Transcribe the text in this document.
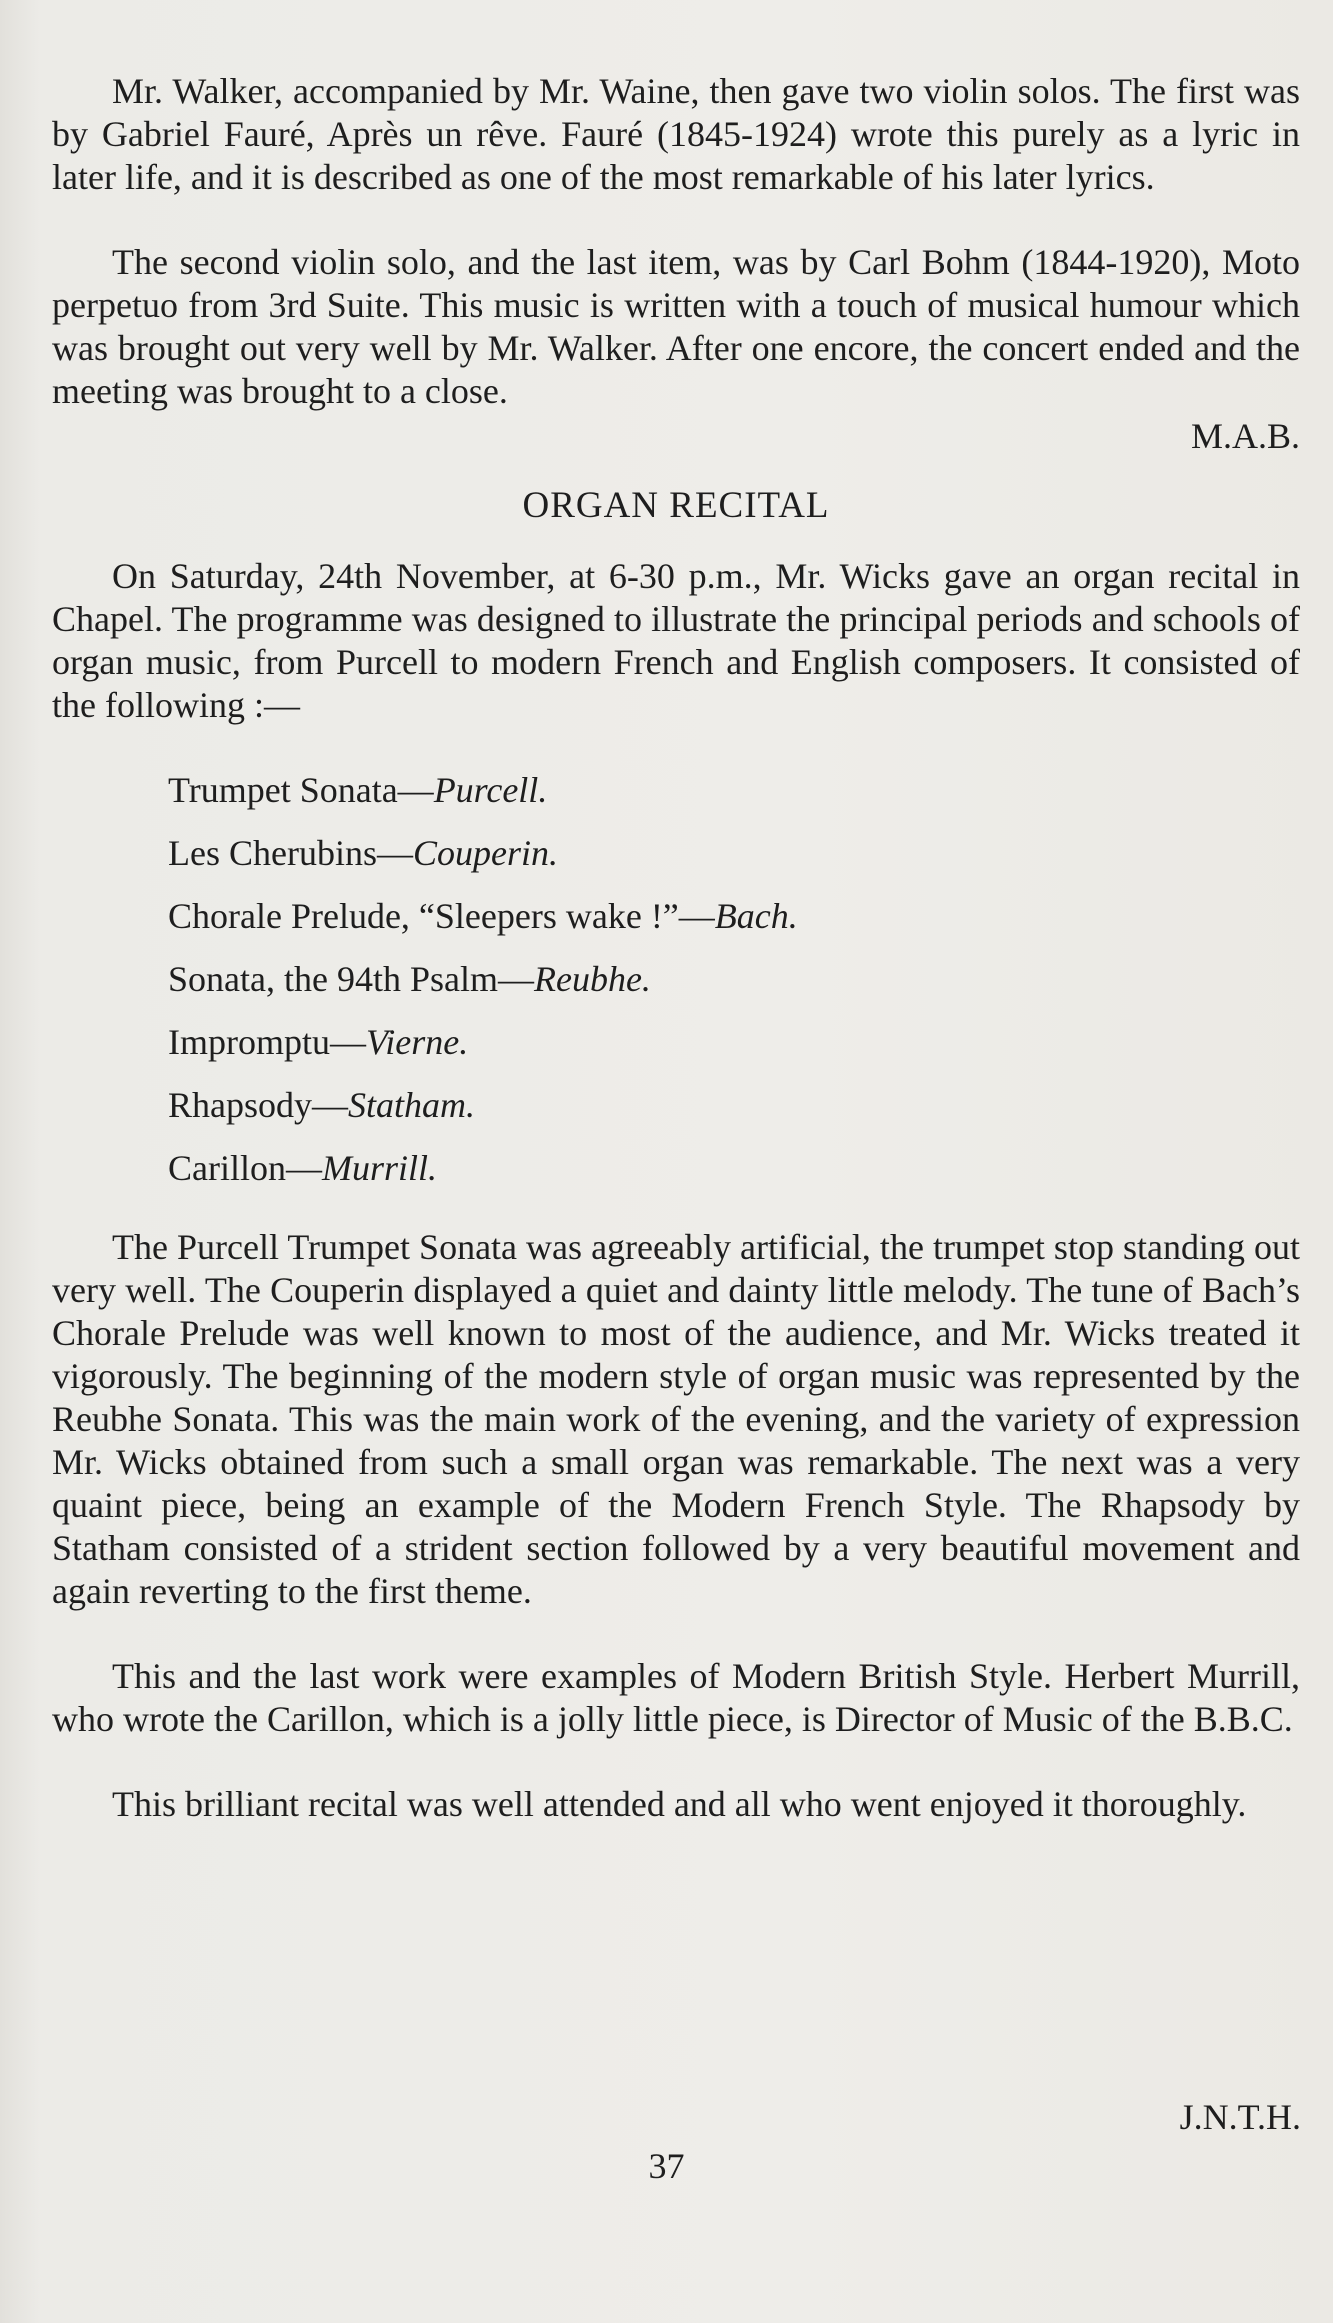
Mr. Walker, accompanied by Mr. Waine, then gave two violin solos. The first was by Gabriel Fauré, Après un rêve. Fauré (1845-1924) wrote this purely as a lyric in later life, and it is described as one of the most remarkable of his later lyrics.

The second violin solo, and the last item, was by Carl Bohm (1844-1920), Moto perpetuo from 3rd Suite. This music is written with a touch of musical humour which was brought out very well by Mr. Walker. After one encore, the concert ended and the meeting was brought to a close.

M.A.B.
ORGAN RECITAL

On Saturday, 24th November, at 6-30 p.m., Mr. Wicks gave an organ recital in Chapel. The programme was designed to illustrate the principal periods and schools of organ music, from Purcell to modern French and English composers. It consisted of the following :—

Trumpet Sonata—Purcell.
Les Cherubins—Couperin.
Chorale Prelude, “Sleepers wake !”—Bach.
Sonata, the 94th Psalm—Reubhe.
Impromptu—Vierne.
Rhapsody—Statham.
Carillon—Murrill.

The Purcell Trumpet Sonata was agreeably artificial, the trumpet stop standing out very well. The Couperin displayed a quiet and dainty little melody. The tune of Bach’s Chorale Prelude was well known to most of the audience, and Mr. Wicks treated it vigorously. The beginning of the modern style of organ music was represented by the Reubhe Sonata. This was the main work of the evening, and the variety of expression Mr. Wicks obtained from such a small organ was remarkable. The next was a very quaint piece, being an example of the Modern French Style. The Rhapsody by Statham consisted of a strident section followed by a very beautiful movement and again reverting to the first theme.

This and the last work were examples of Modern British Style. Herbert Murrill, who wrote the Carillon, which is a jolly little piece, is Director of Music of the B.B.C.

This brilliant recital was well attended and all who went enjoyed it thoroughly.

J.N.T.H.
37
